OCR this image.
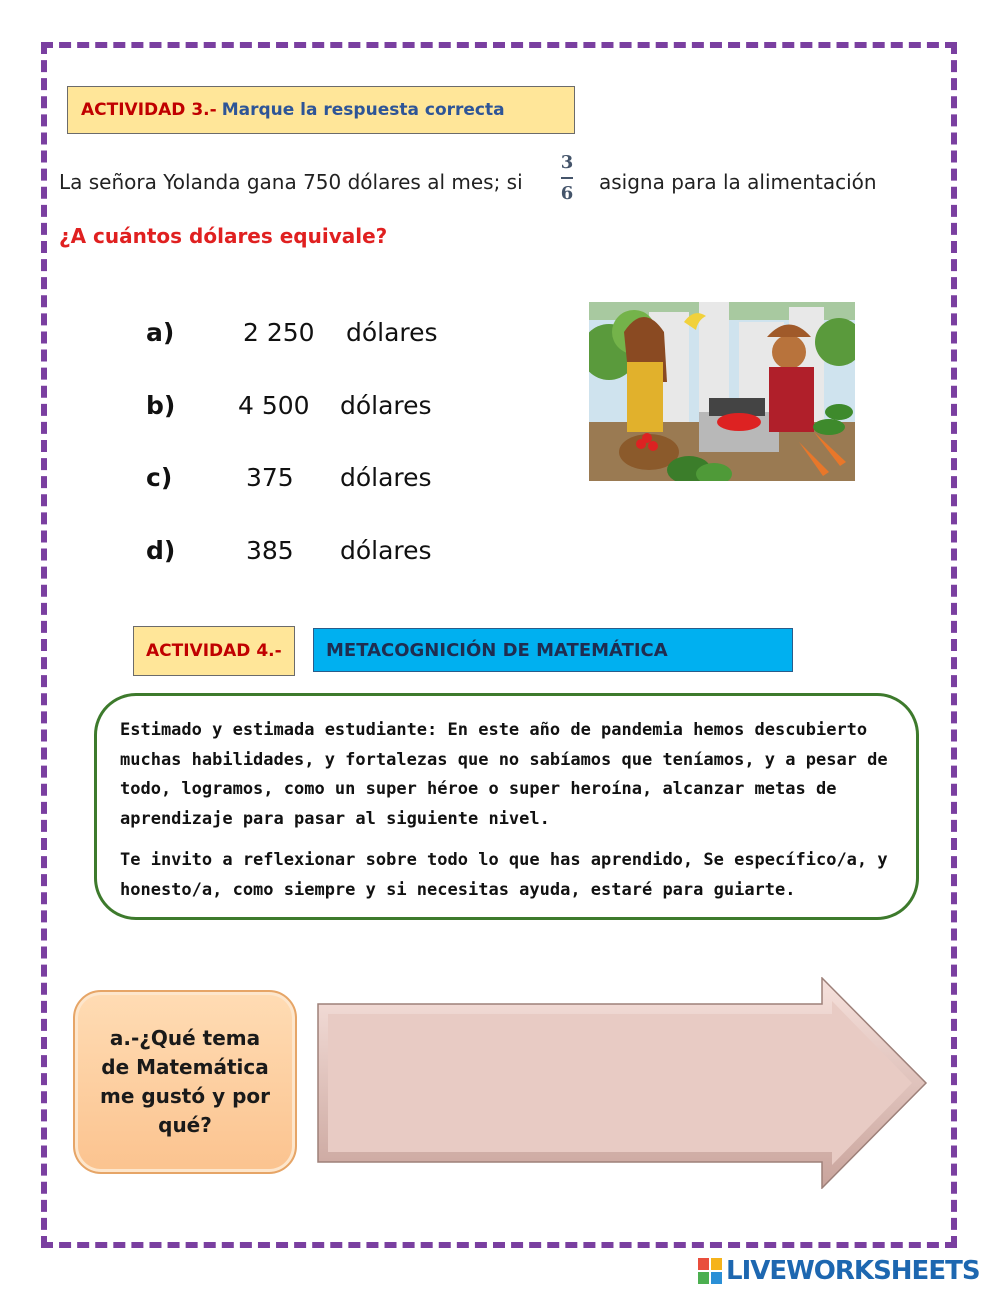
ACTIVIDAD 3.- Marque la respuesta correcta
La señora Yolanda gana 750 dólares al mes; si
3
6 asigna para la alimentación
¿A cuántos dólares equivale?
a)	2 250 dólares
b)	4 500 dólares
c)	375 dólares
d)	385 dólares
ACTIVIDAD 4.-	METACOGNICIÓN DE MATEMÁTICA

Estimado y estimada estudiante: En este año de pandemia hemos descubierto muchas habilidades, y fortalezas que no sabíamos que teníamos, y a pesar de todo, logramos, como un super héroe o super heroína, alcanzar metas de aprendizaje para pasar al siguiente nivel.

Te invito a reflexionar sobre todo lo que has aprendido, Se específico/a, y honesto/a, como siempre y si necesitas ayuda, estaré para guiarte.

a.-¿Qué tema de Matemática me gustó y por qué?
LIVEWORKSHEETS
